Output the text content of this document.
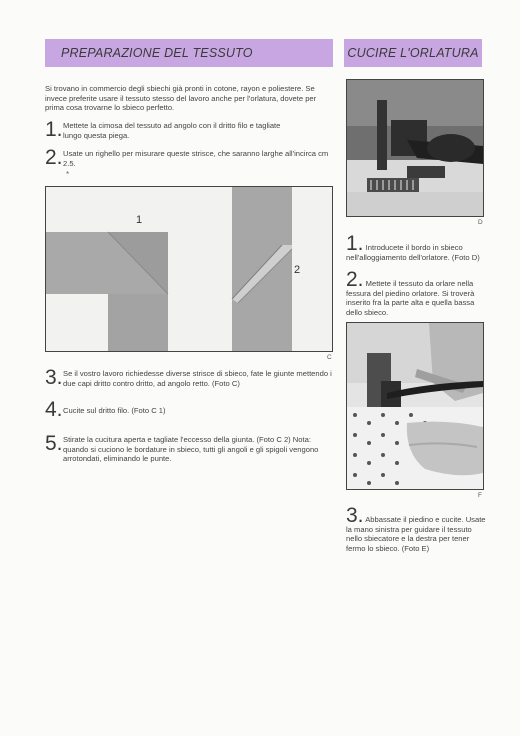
PREPARAZIONE DEL TESSUTO	CUCIRE L'ORLATURA
Si trovano in commercio degli sbiechi già pronti in cotone, rayon e poliestere. Se invece preferite usare il tessuto stesso del lavoro anche per l'orlatura, dovete per prima cosa trovarne lo sbieco perfetto.
1. Mettete la cimosa del tessuto ad angolo con il dritto filo e tagliate lungo questa piega.
2. Usate un righello per misurare queste strisce, che saranno larghe all'incirca cm 2.5.
*
1
2
C
3. Se il vostro lavoro richiedesse diverse strisce di sbieco, fate le giunte mettendo i due capi dritto contro dritto, ad angolo retto. (Foto C)
4. Cucite sul dritto filo. (Foto C 1)
5. Stirate la cucitura aperta e tagliate l'eccesso della giunta. (Foto C 2) Nota: quando si cuciono le bordature in sbieco, tutti gli angoli e gli spigoli vengono arrotondati, eliminando le punte.
D
1. Introducete il bordo in sbieco nell'alloggiamento dell'orlatore. (Foto D)
2. Mettete il tessuto da orlare nella fessura del piedino orlatore. Si troverà inserito fra la parte alta e quella bassa dello sbieco.
F
3. Abbassate il piedino e cucite. Usate la mano sinistra per guidare il tessuto nello sbiecatore e la destra per tener fermo lo sbieco. (Foto E)
